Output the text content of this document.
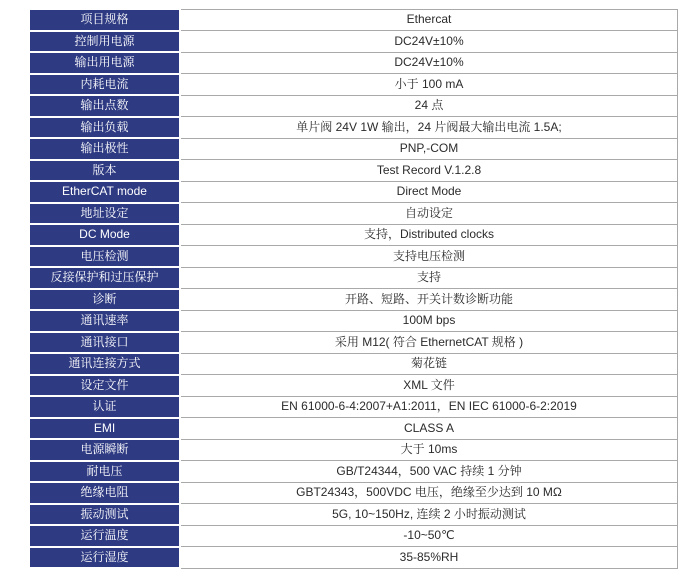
项目规格	Ethercat
控制用电源	DC24V±10%
输出用电源	DC24V±10%
内耗电流	小于 100 mA
输出点数	24 点
输出负载	单片阀 24V 1W 输出，24 片阀最大输出电流 1.5A;
输出极性	PNP,-COM
版本	Test Record V.1.2.8
EtherCAT mode	Direct Mode
地址设定	自动设定
DC Mode	支持，Distributed clocks
电压检测	支持电压检测
反接保护和过压保护	支持
诊断	开路、短路、开关计数诊断功能
通讯速率	100M bps
通讯接口	采用 M12( 符合 EthernetCAT 规格 )
通讯连接方式	菊花链
设定文件	XML 文件
认证	EN 61000-6-4:2007+A1:2011，EN IEC 61000-6-2:2019
EMI	CLASS A
电源瞬断	大于 10ms
耐电压	GB/T24344，500 VAC 持续 1 分钟
绝缘电阻	GBT24343，500VDC 电压，绝缘至少达到 10 MΩ
振动测试	5G, 10~150Hz, 连续 2 小时振动测试
运行温度	-10~50℃
运行湿度	35-85%RH
